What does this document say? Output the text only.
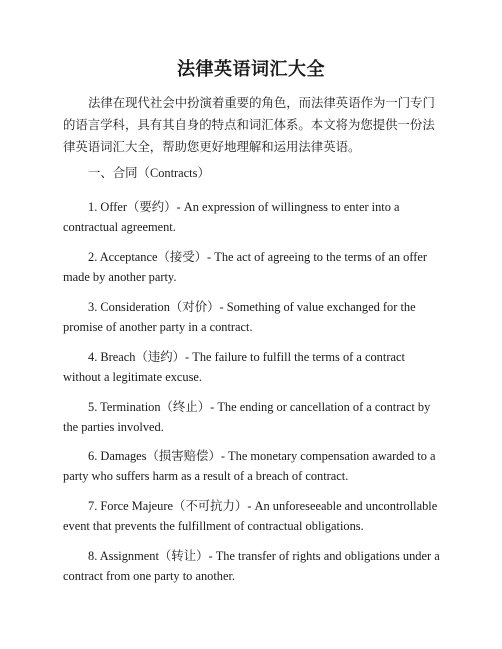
法律英语词汇大全
法律在现代社会中扮演着重要的角色，而法律英语作为一门专门的语言学科，具有其自身的特点和词汇体系。本文将为您提供一份法律英语词汇大全，帮助您更好地理解和运用法律英语。
一、合同（Contracts）
1. Offer（要约）- An expression of willingness to enter into a contractual agreement.
2. Acceptance（接受）- The act of agreeing to the terms of an offer made by another party.
3. Consideration（对价）- Something of value exchanged for the promise of another party in a contract.
4. Breach（违约）- The failure to fulfill the terms of a contract without a legitimate excuse.
5. Termination（终止）- The ending or cancellation of a contract by the parties involved.
6. Damages（损害赔偿）- The monetary compensation awarded to a party who suffers harm as a result of a breach of contract.
7. Force Majeure（不可抗力）- An unforeseeable and uncontrollable event that prevents the fulfillment of contractual obligations.
8. Assignment（转让）- The transfer of rights and obligations under a contract from one party to another.
